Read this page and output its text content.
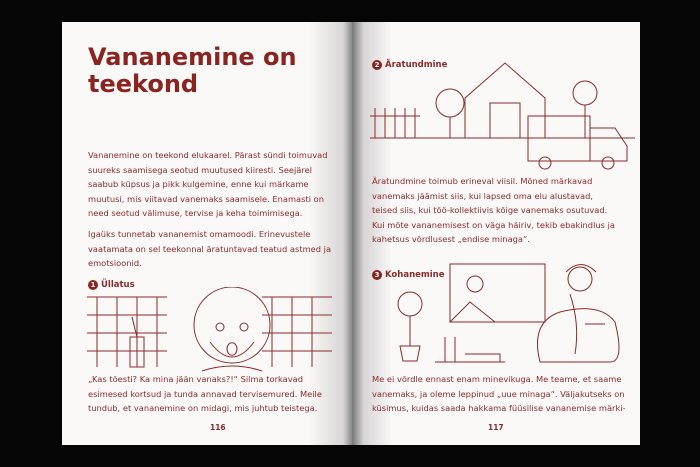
Vananemine on teekond
Vananemine on teekond elukaarel. Pärast sündi toimuvad suureks saamisega seotud muutused kiiresti. Seejärel saabub küpsus ja pikk kulgemine, enne kui märkame muutusi, mis viitavad vanemaks saamisele. Enamasti on need seotud välimuse, tervise ja keha toimimisega.
Igaüks tunnetab vananemist omamoodi. Erinevustele vaatamata on sel teekonnal äratuntavad teatud astmed ja emotsioonid.
1 Üllatus
„Kas tõesti? Ka mina jään vanaks?!“ Silma torkavad esimesed kortsud ja tunda annavad tervisemured. Meile tundub, et vananemine on midagi, mis juhtub teistega.
116
2 Äratundmine
Äratundmine toimub erineval viisil. Mõned märkavad vanemaks jäämist siis, kui lapsed oma elu alustavad, teised siis, kui töö-kollektiivis kõige vanemaks osutuvad. Kui mõte vananemisest on väga häiriv, tekib ebakindlus ja kahetsus võrdlusest „endise minaga“.
3 Kohanemine
Me ei võrdle ennast enam minevikuga. Me teame, et saame vanemaks, ja oleme leppinud „uue minaga“. Väljakutseks on küsimus, kuidas saada hakkama füüsilise vananemise märki-
117
